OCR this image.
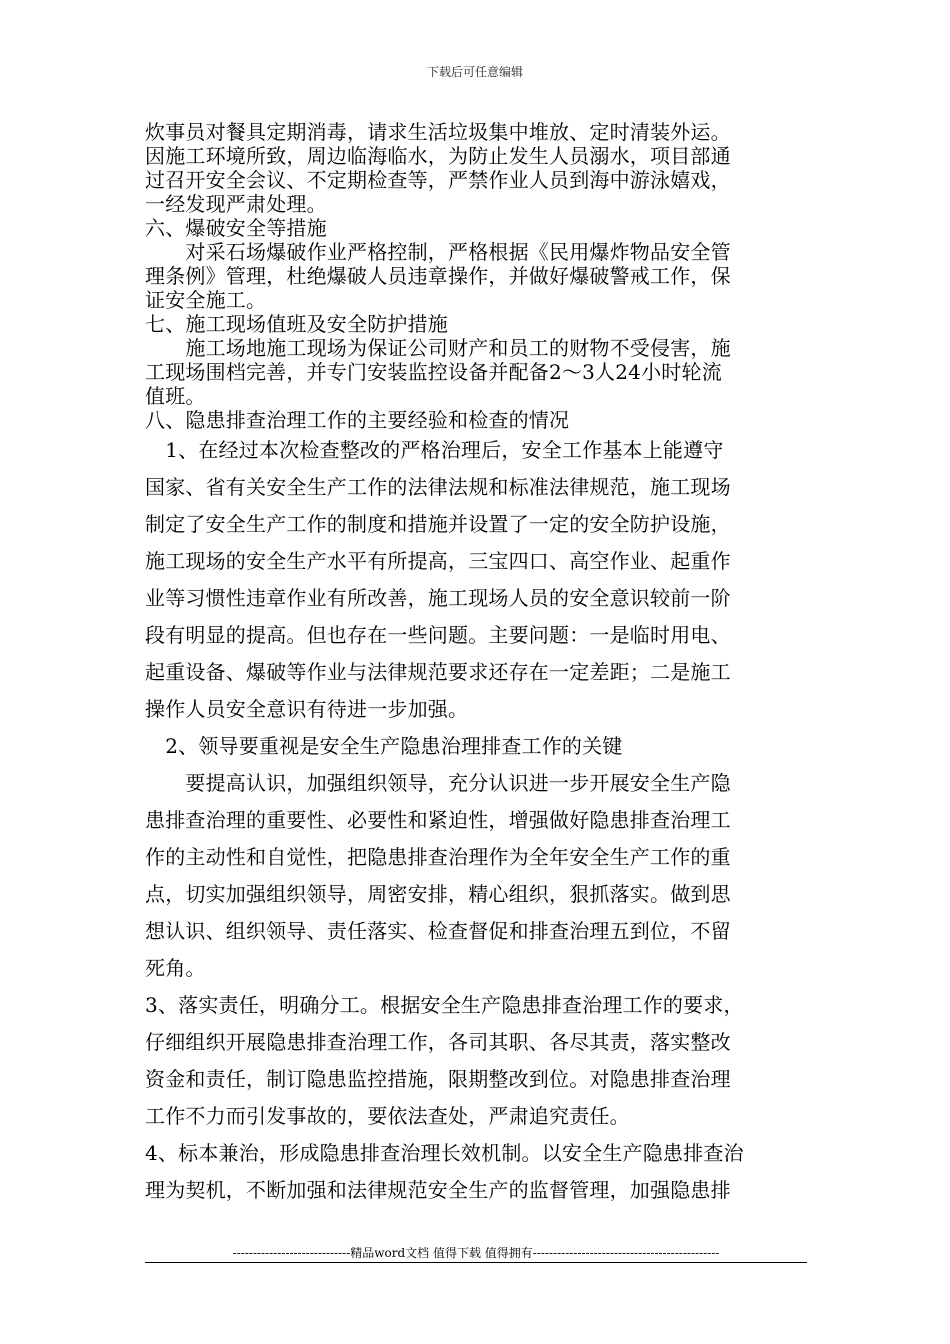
下载后可任意编辑
炊事员对餐具定期消毒，请求生活垃圾集中堆放、定时清装外运。
因施工环境所致，周边临海临水，为防止发生人员溺水，项目部通
过召开安全会议、不定期检查等，严禁作业人员到海中游泳嬉戏，
一经发现严肃处理。
六、爆破安全等措施
　　对采石场爆破作业严格控制，严格根据《民用爆炸物品安全管
理条例》管理，杜绝爆破人员违章操作，并做好爆破警戒工作，保
证安全施工。
七、施工现场值班及安全防护措施
　　施工场地施工现场为保证公司财产和员工的财物不受侵害，施
工现场围档完善，并专门安装监控设备并配备2～3人24小时轮流
值班。
八、隐患排查治理工作的主要经验和检查的情况
　1、在经过本次检查整改的严格治理后，安全工作基本上能遵守
国家、省有关安全生产工作的法律法规和标准法律规范，施工现场
制定了安全生产工作的制度和措施并设置了一定的安全防护设施，
施工现场的安全生产水平有所提高，三宝四口、高空作业、起重作
业等习惯性违章作业有所改善，施工现场人员的安全意识较前一阶
段有明显的提高。但也存在一些问题。主要问题：一是临时用电、
起重设备、爆破等作业与法律规范要求还存在一定差距；二是施工
操作人员安全意识有待进一步加强。
　2、领导要重视是安全生产隐患治理排查工作的关键
　　要提高认识，加强组织领导，充分认识进一步开展安全生产隐
患排查治理的重要性、必要性和紧迫性，增强做好隐患排查治理工
作的主动性和自觉性，把隐患排查治理作为全年安全生产工作的重
点，切实加强组织领导，周密安排，精心组织，狠抓落实。做到思
想认识、组织领导、责任落实、检查督促和排查治理五到位，不留
死角。
3、落实责任，明确分工。根据安全生产隐患排查治理工作的要求，
仔细组织开展隐患排查治理工作，各司其职、各尽其责，落实整改
资金和责任，制订隐患监控措施，限期整改到位。对隐患排查治理
工作不力而引发事故的，要依法查处，严肃追究责任。
4、标本兼治，形成隐患排查治理长效机制。以安全生产隐患排查治
理为契机，不断加强和法律规范安全生产的监督管理，加强隐患排
-----------------------------精品word文档 值得下载 值得拥有----------------------------------------------
